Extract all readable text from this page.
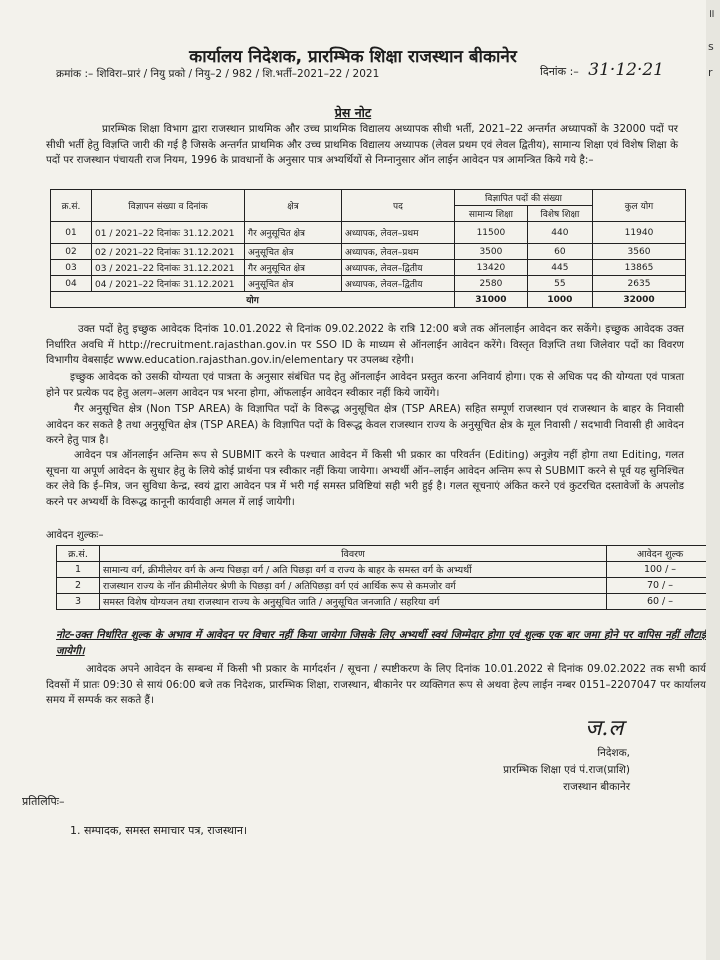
कार्यालय निदेशक, प्रारम्भिक शिक्षा राजस्थान बीकानेर
क्रमांक :– शिविरा–प्रारं / नियु प्रको / नियु–2 / 982 / शि.भर्ती–2021–22 / 2021	दिनांक :– 31·12·21
प्रेस नोट
प्रारम्भिक शिक्षा विभाग द्वारा राजस्थान प्राथमिक और उच्च प्राथमिक विद्यालय अध्यापक सीधी भर्ती, 2021–22 अन्तर्गत अध्यापकों के 32000 पदों पर सीधी भर्ती हेतु विज्ञप्ति जारी की गई है जिसके अन्तर्गत प्राथमिक और उच्च प्राथमिक विद्यालय अध्यापक (लेवल प्रथम एवं लेवल द्वितीय), सामान्य शिक्षा एवं विशेष शिक्षा के पदों पर राजस्थान पंचायती राज नियम, 1996 के प्रावधानों के अनुसार पात्र अभ्यर्थियों से निम्नानुसार ऑन लाईन आवेदन पत्र आमन्त्रित किये गये है:–
क्र.सं.	विज्ञापन संख्या व दिनांक	क्षेत्र	पद	विज्ञापित पदों की संख्या		कुल योग
				सामान्य शिक्षा	विशेष शिक्षा	
01	01 / 2021–22 दिनांकः 31.12.2021	गैर अनुसूचित क्षेत्र	अध्यापक, लेवल–प्रथम	11500	440	11940
02	02 / 2021–22 दिनांकः 31.12.2021	अनुसूचित क्षेत्र	अध्यापक, लेवल–प्रथम	3500	60	3560
03	03 / 2021–22 दिनांकः 31.12.2021	गैर अनुसूचित क्षेत्र	अध्यापक, लेवल–द्वितीय	13420	445	13865
04	04 / 2021–22 दिनांकः 31.12.2021	अनुसूचित क्षेत्र	अध्यापक, लेवल–द्वितीय	2580	55	2635
योग				31000	1000	32000
उक्त पदों हेतु इच्छुक आवेदक दिनांक 10.01.2022 से दिनांक 09.02.2022 के रात्रि 12:00 बजे तक ऑनलाईन आवेदन कर सकेंगे। इच्छुक आवेदक उक्त निर्धारित अवधि में http://recruitment.rajasthan.gov.in पर SSO ID के माध्यम से ऑनलाईन आवेदन करेंगे। विस्तृत विज्ञप्ति तथा जिलेवार पदों का विवरण विभागीय वेबसाईट www.education.rajasthan.gov.in/elementary पर उपलब्ध रहेगी।
इच्छुक आवेदक को उसकी योग्यता एवं पात्रता के अनुसार संबंधित पद हेतु ऑनलाईन आवेदन प्रस्तुत करना अनिवार्य होगा। एक से अधिक पद की योग्यता एवं पात्रता होने पर प्रत्येक पद हेतु अलग–अलग आवेदन पत्र भरना होगा, ऑफलाईन आवेदन स्वीकार नहीं किये जायेंगे।
गैर अनुसूचित क्षेत्र (Non TSP AREA) के विज्ञापित पदों के विरूद्ध अनुसूचित क्षेत्र (TSP AREA) सहित सम्पूर्ण राजस्थान एवं राजस्थान के बाहर के निवासी आवेदन कर सकते है तथा अनुसूचित क्षेत्र (TSP AREA) के विज्ञापित पदों के विरूद्ध केवल राजस्थान राज्य के अनुसूचित क्षेत्र के मूल निवासी / सदभावी निवासी ही आवेदन करने हेतु पात्र है।
आवेदन पत्र ऑनलाईन अन्तिम रूप से SUBMIT करने के पश्चात आवेदन में किसी भी प्रकार का परिवर्तन (Editing) अनुज्ञेय नहीं होगा तथा Editing, गलत सूचना या अपूर्ण आवेदन के सुधार हेतु के लिये कोई प्रार्थना पत्र स्वीकार नहीं किया जायेगा। अभ्यर्थी ऑन–लाईन आवेदन अन्तिम रूप से SUBMIT करने से पूर्व यह सुनिश्चित कर लेवे कि ई–मित्र, जन सुविधा केन्द्र, स्वयं द्वारा आवेदन पत्र में भरी गई समस्त प्रविष्टियां सही भरी हुई है। गलत सूचनाएं अंकित करने एवं कुटरचित दस्तावेजों के अपलोड करने पर अभ्यर्थी के विरूद्ध कानूनी कार्यवाही अमल में लाई जायेगी।
आवेदन शुल्कः–
क्र.सं.	विवरण	आवेदन शुल्क
1	सामान्य वर्ग, क्रीमीलेयर वर्ग के अन्य पिछड़ा वर्ग / अति पिछड़ा वर्ग व राज्य के बाहर के समस्त वर्ग के अभ्यर्थी	100 / –
2	राजस्थान राज्य के नॉन क्रीमीलेयर श्रेणी के पिछड़ा वर्ग / अतिपिछड़ा वर्ग एवं आर्थिक रूप से कमजोर वर्ग	70 / –
3	समस्त विशेष योग्यजन तथा राजस्थान राज्य के अनुसूचित जाति / अनुसूचित जनजाति / सहरिया वर्ग	60 / –
नोट–उक्त निर्धारित शुल्क के अभाव में आवेदन पर विचार नहीं किया जायेगा जिसके लिए अभ्यर्थी स्वयं जिम्मेदार होगा एवं शुल्क एक बार जमा होने पर वापिस नहीं लौटाई जायेगी।
आवेदक अपने आवेदन के सम्बन्ध में किसी भी प्रकार के मार्गदर्शन / सूचना / स्पष्टीकरण के लिए दिनांक 10.01.2022 से दिनांक 09.02.2022 तक सभी कार्य दिवसों में प्रातः 09:30 से सायं 06:00 बजे तक निदेशक, प्रारम्भिक शिक्षा, राजस्थान, बीकानेर पर व्यक्तिगत रूप से अथवा हेल्प लाईन नम्बर 0151–2207047 पर कार्यालय समय में सम्पर्क कर सकते हैं।
ज.ल
निदेशक,
प्रारम्भिक शिक्षा एवं पं.राज(प्राशि)
राजस्थान बीकानेर
प्रतिलिपिः–
1. सम्पादक, समस्त समाचार पत्र, राजस्थान।
॥
s
r
